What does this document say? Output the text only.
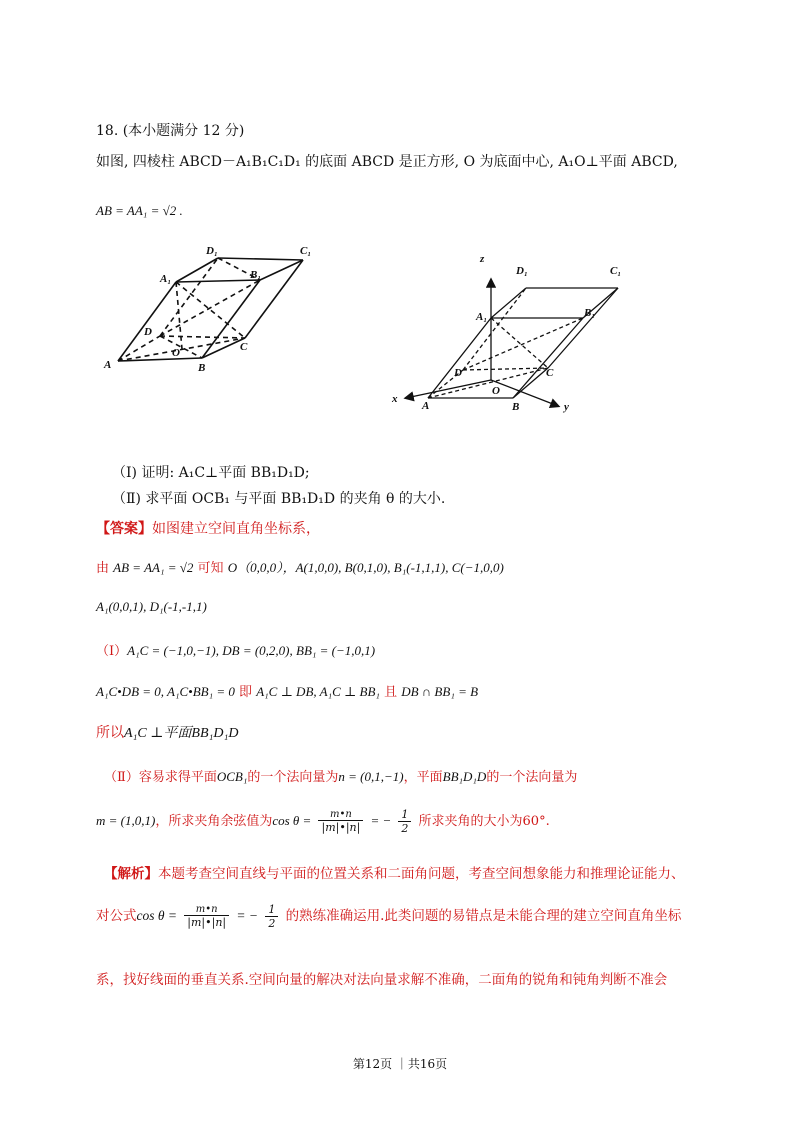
18. (本小题满分 12 分)
如图, 四棱柱 ABCD－A₁B₁C₁D₁ 的底面 ABCD 是正方形, O 为底面中心, A₁O⊥平面 ABCD,
AB = AA₁ = √2 .
D₁	C₁
A₁	B₁
D
C
O
A	B
z
D₁	C₁
A₁	B₁
D	C
O
x
A	B	y
（Ⅰ) 证明: A₁C⊥平面 BB₁D₁D;
（Ⅱ) 求平面 OCB₁ 与平面 BB₁D₁D 的夹角 θ 的大小.
【答案】如图建立空间直角坐标系，
由 AB = AA₁ = √2 可知 O（0,0,0），A(1,0,0), B(0,1,0), B₁(-1,1,1), C(−1,0,0)
A₁(0,0,1), D₁(-1,-1,1)
（Ⅰ）A₁C = (−1,0,−1), DB = (0,2,0), BB₁ = (−1,0,1)
A₁C•DB = 0, A₁C•BB₁ = 0 即 A₁C ⊥ DB, A₁C ⊥ BB₁ 且 DB ∩ BB₁ = B
所以A₁C ⊥平面BB₁D₁D
（Ⅱ）容易求得平面OCB₁的一个法向量为n = (0,1,−1)，平面BB₁D₁D的一个法向量为
m = (1,0,1)，所求夹角余弦值为$\cos \theta = \frac{m•n}{|m|•|n|}$ = − $\frac{1}{2}$ 所求夹角的大小为60°.
【解析】本题考查空间直线与平面的位置关系和二面角问题，考查空间想象能力和推理论证能力、
对公式$\cos \theta = \frac{m•n}{|m|•|n|}$ = − $\frac{1}{2}$ 的熟练准确运用.此类问题的易错点是未能合理的建立空间直角坐标
系，找好线面的垂直关系.空间向量的解决对法向量求解不准确，二面角的锐角和钝角判断不准会
第12页 ｜共16页
